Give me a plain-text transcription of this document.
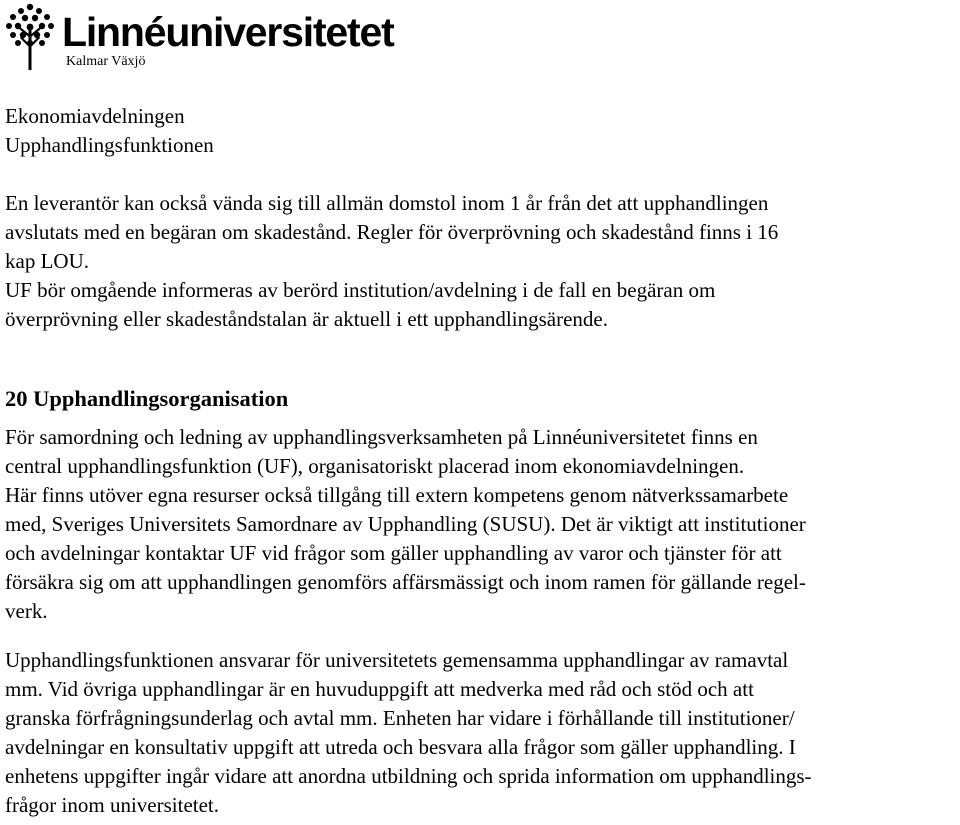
Linnéuniversitetet
Kalmar Växjö
Ekonomiavdelningen
Upphandlingsfunktionen

En leverantör kan också vända sig till allmän domstol inom 1 år från det att upphandlingen
avslutats med en begäran om skadestånd. Regler för överprövning och skadestånd finns i 16
kap LOU.
UF bör omgående informeras av berörd institution/avdelning i de fall en begäran om
överprövning eller skadeståndstalan är aktuell i ett upphandlingsärende.

20 Upphandlingsorganisation

För samordning och ledning av upphandlingsverksamheten på Linnéuniversitetet finns en
central upphandlingsfunktion (UF), organisatoriskt placerad inom ekonomiavdelningen.
Här finns utöver egna resurser också tillgång till extern kompetens genom nätverkssamarbete
med, Sveriges Universitets Samordnare av Upphandling (SUSU). Det är viktigt att institutioner
och avdelningar kontaktar UF vid frågor som gäller upphandling av varor och tjänster för att
försäkra sig om att upphandlingen genomförs affärsmässigt och inom ramen för gällande regel-
verk.

Upphandlingsfunktionen ansvarar för universitetets gemensamma upphandlingar av ramavtal
mm. Vid övriga upphandlingar är en huvuduppgift att medverka med råd och stöd och att
granska förfrågningsunderlag och avtal mm. Enheten har vidare i förhållande till institutioner/
avdelningar en konsultativ uppgift att utreda och besvara alla frågor som gäller upphandling. I
enhetens uppgifter ingår vidare att anordna utbildning och sprida information om upphandlings-
frågor inom universitetet.
